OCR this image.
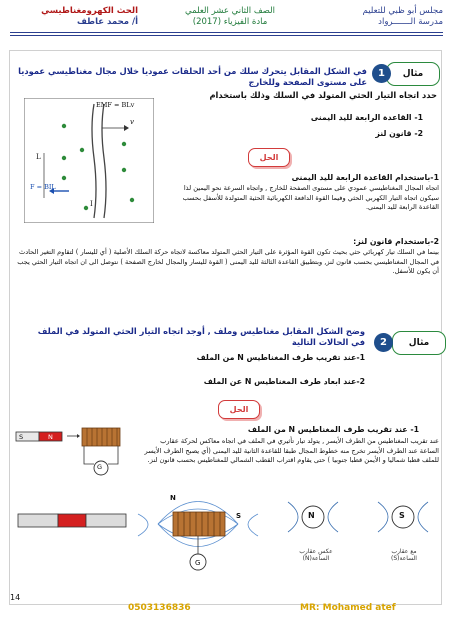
مجلس أبو ظبي للتعليم
مدرسة الـــــــرواد
الصف الثاني عشر العلمي
مادة الفيزياء (2017)
الحث الكهرومغناطيسي
أ/ محمد عاطف
مثال
1
في الشكل المقابل يتحرك سلك من أحد الحلقات عموديا خلال مجال مغناطيسي عموديا على مستوى الصفحة وللخارج
حدد اتجاه التيار الحثي المتولد في السلك وذلك باستخدام
1- القاعدة الرابعة لليد اليمنى
2- قانون لنز
الحل
EMF = BLv
F = BIL
L
I
v
1-باستخدام القاعدة الرابعة لليد اليمنى
اتجاه المجال المغناطيسي عمودي على مستوى الصفحة للخارج , واتجاه السرعة نحو اليمين لذا سيكون اتجاه التيار الكهربي الحثي وفيما القوة الدافعة الكهربائية الحثية المتولدة للأسفل بحسب القاعدة الرابعة لليد اليمنى.
2-باستخدام قانون لنز:
بينما في السلك تيار كهربائي حثي بحيث تكون القوة المؤثرة على التيار الحثي المتولد معاكسة لاتجاه حركة السلك الأصلية ( أي لليسار ) لتقاوم التغير الحادث في المجال المغناطيسي بحسب قانون لنز, وبتطبيق القاعدة الثالثة لليد اليمنى ( القوة لليسار والمجال لخارج الصفحة ) نتوصل الى ان اتجاه التيار الحثي يجب أن يكون للأسفل.
مثال
2
وضح الشكل المقابل مغناطيس وملف , أوجد اتجاه التيار الحثي المتولد في الملف في الحالات التالية
1-عند تقريب طرف المغناطيس N من الملف
2-عند ابعاد طرف المغناطيس N عن الملف
الحل
1- عند تقريب طرف المغناطيس N من الملف
عند تقريب المغناطيس من الطرف الأيسر , يتولد تيار تأثيري في الملف في اتجاه معاكس لحركة عقارب الساعة عند الطرف الأيسر تخرج منه خطوط المجال طبقا للقاعدة الثانية لليد اليمنى (أي يصبح الطرف الأيسر للملف قطبا شماليا و الأيمن قطبا جنوبيا ) حتى يقاوم اقتراب القطب الشمالي للمغناطيس بحسب قانون لنز.
S	N
G
N
S
G
N	S
عكس عقارب الساعة(N)
مع عقارب الساعة(S)
14
0503136836	MR: Mohamed atef
